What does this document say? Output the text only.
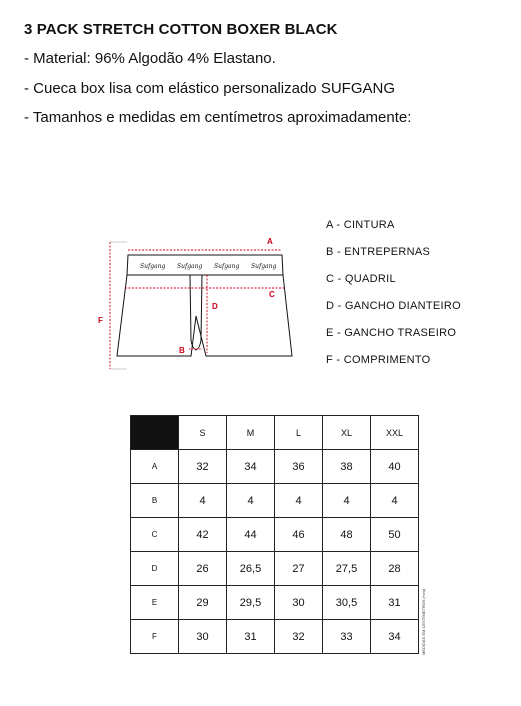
3 PACK STRETCH COTTON BOXER BLACK
- Material: 96% Algodão 4% Elastano.
- Cueca box lisa com elástico personalizado SUFGANG
- Tamanhos e medidas em centímetros aproximadamente:
Sufgang Sufgang Sufgang Sufgang
A
C
D
F
B
A - CINTURA
B - ENTREPERNAS
C - QUADRIL
D - GANCHO DIANTEIRO
E - GANCHO TRASEIRO
F - COMPRIMENTO
	S	M	L	XL	XXL
A	32	34	36	38	40
B	4	4	4	4	4
C	42	44	46	48	50
D	26	26,5	27	27,5	28
E	29	29,5	30	30,5	31
F	30	31	32	33	34	MEDIDAS EM CENTÍMETROS (*cm)
